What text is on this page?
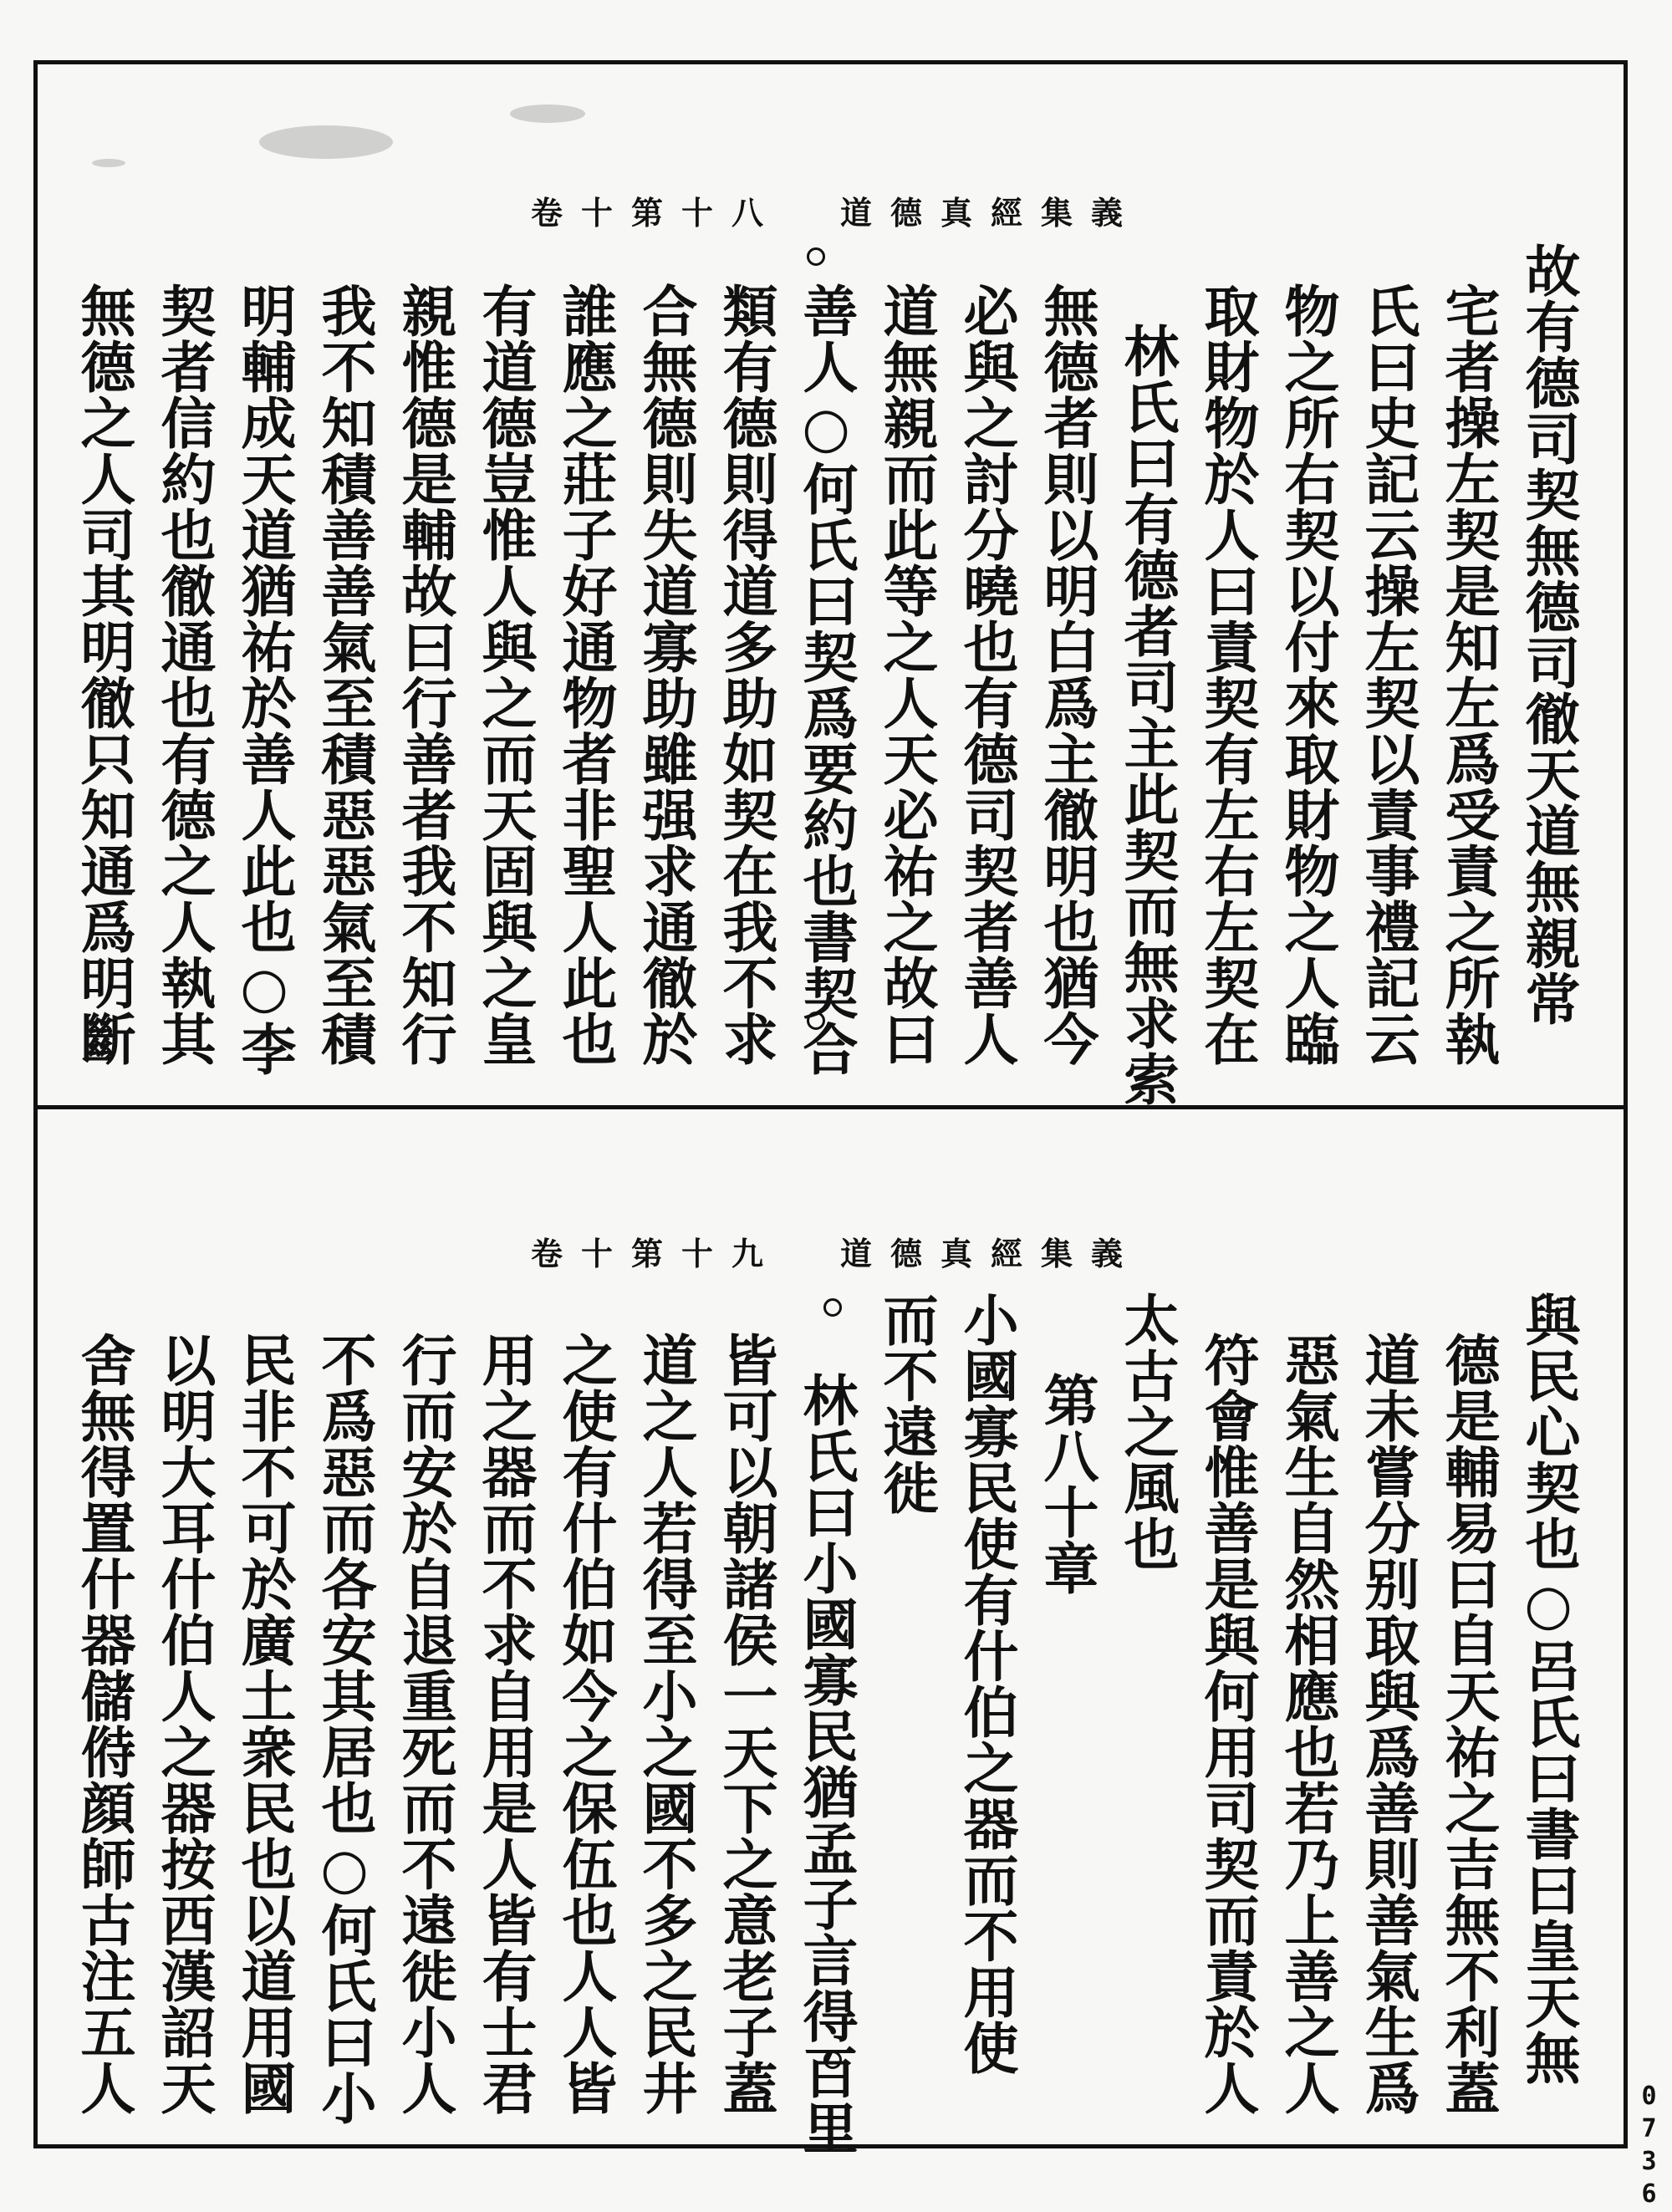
卷十第十八 道德真經集義
故有德司契無德司徹天道無親常
宅者操左契是知左爲受責之所執
氏曰史記云操左契以責事禮記云
物之所右契以付來取財物之人臨
取財物於人曰責契有左右左契在
林氏曰有德者司主此契而無求索
無德者則以明白爲主徹明也猶今
必與之討分曉也有德司契者善人
道無親而此等之人天必祐之故曰
善人○何氏曰契爲要約也書契合
類有德則得道多助如契在我不求
合無德則失道寡助雖强求通徹於
誰應之莊子好通物者非聖人此也
有道德豈惟人與之而天固與之皇
親惟德是輔故曰行善者我不知行
我不知積善善氣至積惡惡氣至積
明輔成天道猶祐於善人此也○李
契者信約也徹通也有德之人執其
無德之人司其明徹只知通爲明斷
卷十第十九 道德真經集義
與民心契也○呂氏曰書曰皇天無
德是輔易曰自天祐之吉無不利蓋
道未嘗分别取與爲善則善氣生爲
惡氣生自然相應也若乃上善之人
符會惟善是與何用司契而責於人
太古之風也
第八十章
小國寡民使有什伯之器而不用使
而不遠徙
林氏曰小國寡民猶孟子言得百里
皆可以朝諸侯一天下之意老子蓋
道之人若得至小之國不多之民井
之使有什伯如今之保伍也人人皆
用之器而不求自用是人皆有士君
行而安於自退重死而不遠徙小人
不爲惡而各安其居也○何氏曰小
民非不可於廣土衆民也以道用國
以明大耳什伯人之器按西漢詔天
舍無得置什器儲偫顔師古注五人	0736
